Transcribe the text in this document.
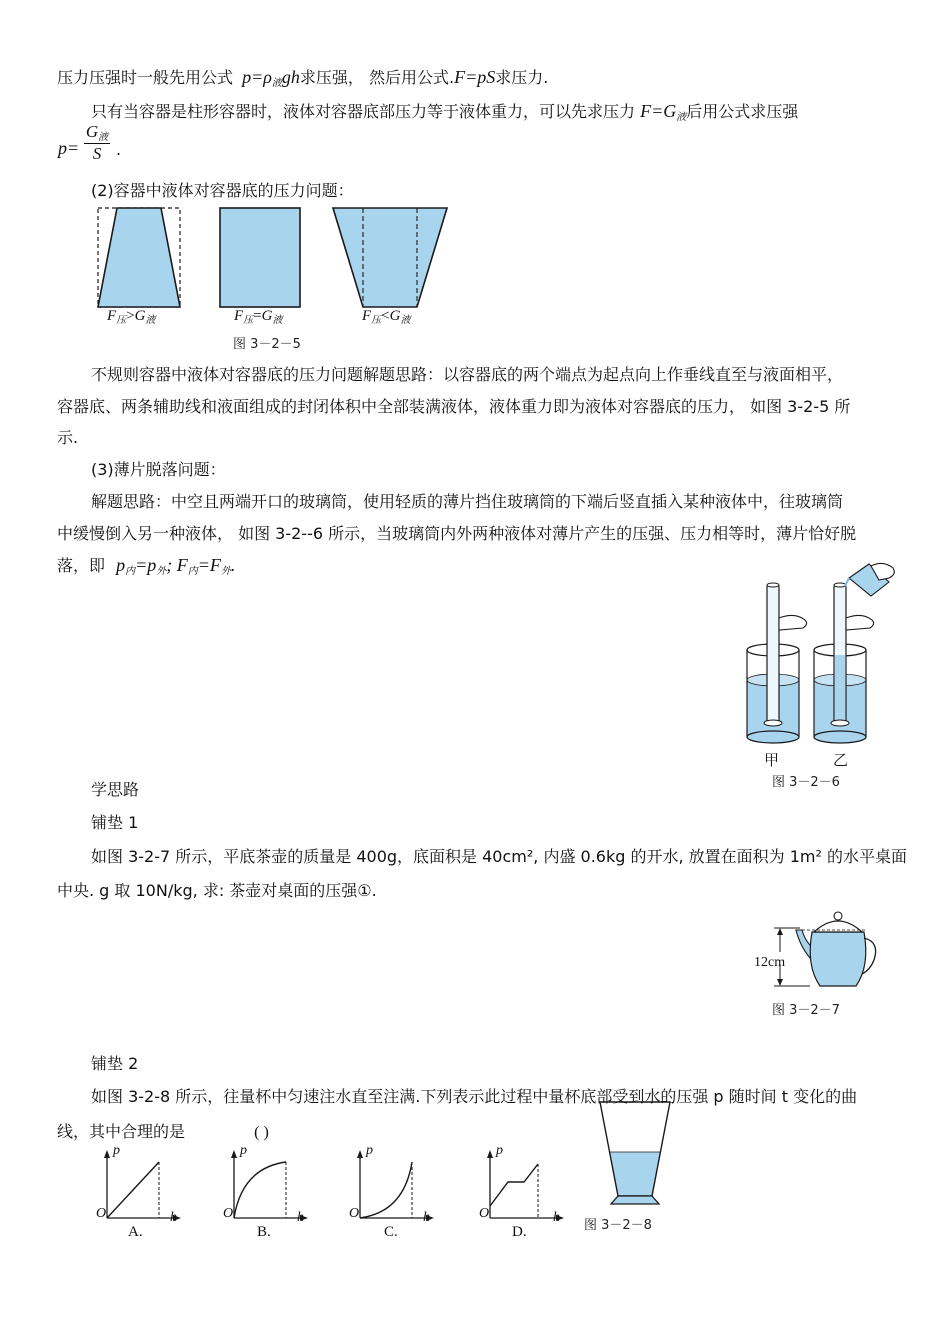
压力压强时一般先用公式 $p=\rho_液gh$求压强， 然后用公式.F=pS求压力.
只有当容器是柱形容器时，液体对容器底部压力等于液体重力，可以先求压力 $F=G_液$后用公式求压强
p=
$G_液$
S .
(2)容器中液体对容器底的压力问题：
$F_压>G_液$	$F_压=G_液$	$F_压<G_液$
图 3－2－5
不规则容器中液体对容器底的压力问题解题思路：以容器底的两个端点为起点向上作垂线直至与液面相平，
容器底、两条辅助线和液面组成的封闭体积中全部装满液体，液体重力即为液体对容器底的压力， 如图 3-2-5 所
示.
(3)薄片脱落问题：
解题思路：中空且两端开口的玻璃筒，使用轻质的薄片挡住玻璃筒的下端后竖直插入某种液体中，往玻璃筒
中缓慢倒入另一种液体， 如图 3-2--6 所示，当玻璃筒内外两种液体对薄片产生的压强、压力相等时，薄片恰好脱
落，即 $p_内=p_外$; $F_内=F_外$.
甲	乙
图 3－2－6
学思路
铺垫 1
如图 3-2-7 所示，平底茶壶的质量是 400g，底面积是 40cm², 内盛 0.6kg 的开水, 放置在面积为 1m² 的水平桌面
中央. g 取 10N/kg, 求: 茶壶对桌面的压强①.
12cm
图 3－2－7
铺垫 2
如图 3-2-8 所示，往量杯中匀速注水直至注满.下列表示此过程中量杯底部受到水的压强 p 随时间 t 变化的曲
线，其中合理的是	( )
p
O	h
A.
p
O	h
B.
p
O	h
C.
p
O	h
D.	图 3－2－8
